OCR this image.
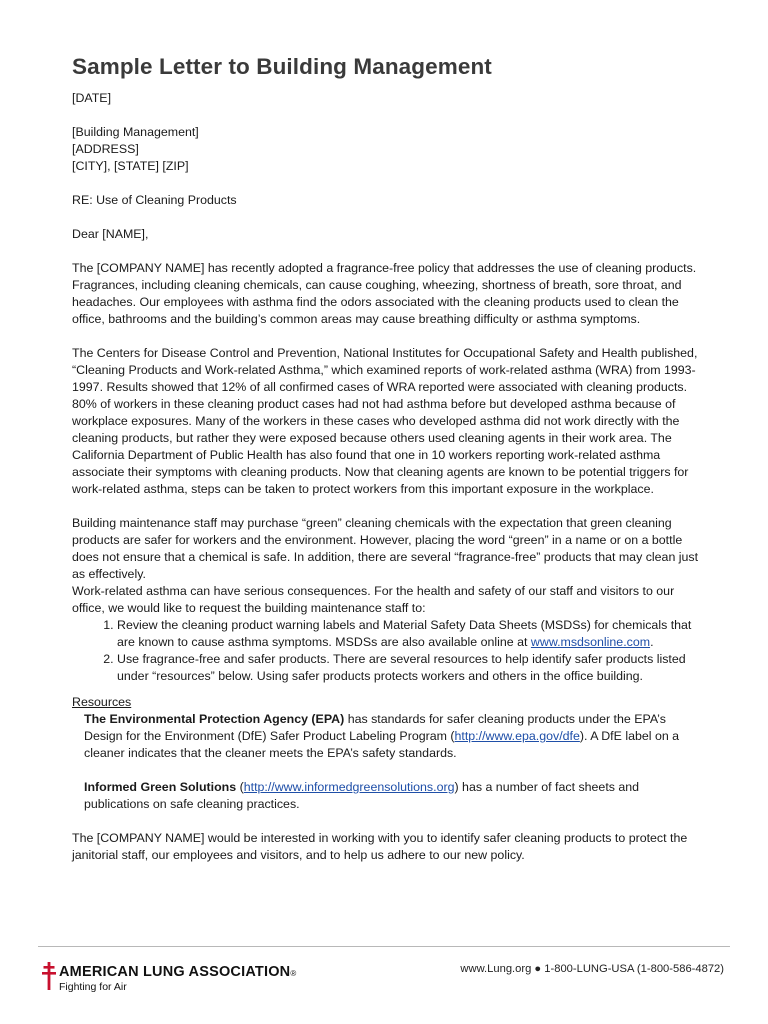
Sample Letter to Building Management

[DATE]

[Building Management]

[ADDRESS]

[CITY], [STATE] [ZIP]

RE: Use of Cleaning Products

Dear [NAME],

The [COMPANY NAME] has recently adopted a fragrance-free policy that addresses the use of cleaning products. Fragrances, including cleaning chemicals, can cause coughing, wheezing, shortness of breath, sore throat, and headaches. Our employees with asthma find the odors associated with the cleaning products used to clean the office, bathrooms and the building’s common areas may cause breathing difficulty or asthma symptoms.

The Centers for Disease Control and Prevention, National Institutes for Occupational Safety and Health published, “Cleaning Products and Work-related Asthma,” which examined reports of work-related asthma (WRA) from 1993-1997. Results showed that 12% of all confirmed cases of WRA reported were associated with cleaning products. 80% of workers in these cleaning product cases had not had asthma before but developed asthma because of workplace exposures. Many of the workers in these cases who developed asthma did not work directly with the cleaning products, but rather they were exposed because others used cleaning agents in their work area. The California Department of Public Health has also found that one in 10 workers reporting work-related asthma associate their symptoms with cleaning products. Now that cleaning agents are known to be potential triggers for work-related asthma, steps can be taken to protect workers from this important exposure in the workplace.

Building maintenance staff may purchase “green” cleaning chemicals with the expectation that green cleaning products are safer for workers and the environment. However, placing the word “green” in a name or on a bottle does not ensure that a chemical is safe. In addition, there are several “fragrance-free” products that may clean just as effectively.

Work-related asthma can have serious consequences. For the health and safety of our staff and visitors to our office, we would like to request the building maintenance staff to:

1. Review the cleaning product warning labels and Material Safety Data Sheets (MSDSs) for chemicals that are known to cause asthma symptoms. MSDSs are also available online at www.msdsonline.com.
2. Use fragrance-free and safer products. There are several resources to help identify safer products listed under “resources” below. Using safer products protects workers and others in the office building.
Resources

The Environmental Protection Agency (EPA) has standards for safer cleaning products under the EPA’s Design for the Environment (DfE) Safer Product Labeling Program (http://www.epa.gov/dfe). A DfE label on a cleaner indicates that the cleaner meets the EPA’s safety standards.

Informed Green Solutions (http://www.informedgreensolutions.org) has a number of fact sheets and publications on safe cleaning practices.

The [COMPANY NAME] would be interested in working with you to identify safer cleaning products to protect the janitorial staff, our employees and visitors, and to help us adhere to our new policy.

AMERICAN LUNG ASSOCIATION®
Fighting for Air
www.Lung.org ● 1-800-LUNG-USA (1-800-586-4872)
